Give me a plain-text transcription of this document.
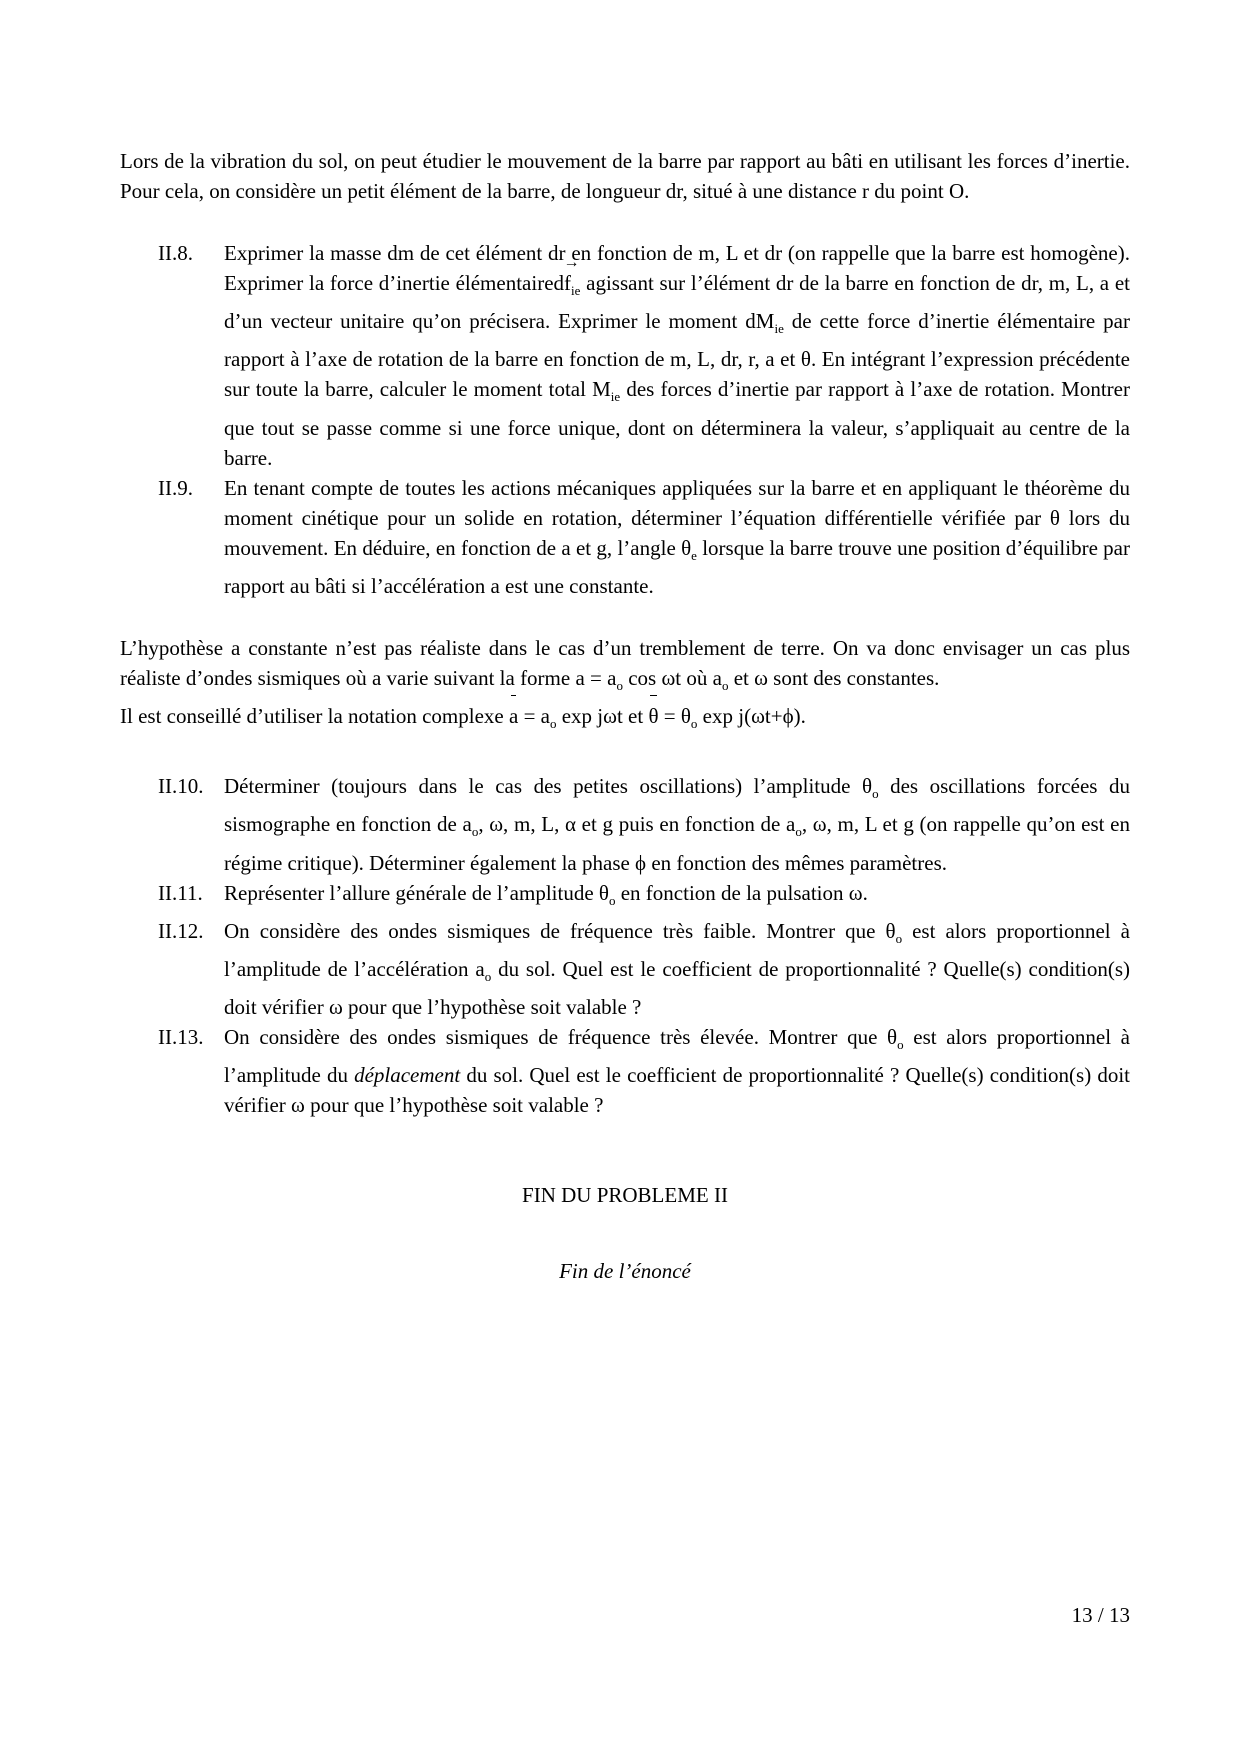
Lors de la vibration du sol, on peut étudier le mouvement de la barre par rapport au bâti en utilisant les forces d’inertie. Pour cela, on considère un petit élément de la barre, de longueur dr, situé à une distance r du point O.

II.8.	Exprimer la masse dm de cet élément dr en fonction de m, L et dr (on rappelle que la barre est homogène). Exprimer la force d’inertie élémentaire→ $df_{ie}$ agissant sur l’élément dr de la barre en fonction de dr, m, L, a et d’un vecteur unitaire qu’on précisera. Exprimer le moment $dM_{ie}$ de cette force d’inertie élémentaire par rapport à l’axe de rotation de la barre en fonction de m, L, dr, r, a et θ. En intégrant l’expression précédente sur toute la barre, calculer le moment total $M_{ie}$ des forces d’inertie par rapport à l’axe de rotation. Montrer que tout se passe comme si une force unique, dont on déterminera la valeur, s’appliquait au centre de la barre.
II.9.	En tenant compte de toutes les actions mécaniques appliquées sur la barre et en appliquant le théorème du moment cinétique pour un solide en rotation, déterminer l’équation différentielle vérifiée par θ lors du mouvement. En déduire, en fonction de a et g, l’angle $\theta_e$ lorsque la barre trouve une position d’équilibre par rapport au bâti si l’accélération a est une constante.

L’hypothèse a constante n’est pas réaliste dans le cas d’un tremblement de terre. On va donc envisager un cas plus réaliste d’ondes sismiques où a varie suivant la forme $a = a_o$ cos ωt où $a_o$ et ω sont des constantes.

Il est conseillé d’utiliser la notation complexe $a = a_o$ exp jωt et $\theta = \theta_o$ exp j(ωt+ϕ).

II.10. Déterminer (toujours dans le cas des petites oscillations) l’amplitude $\theta_o$ des oscillations forcées du sismographe en fonction de $a_o$, ω, m, L, α et g puis en fonction de $a_o$, ω, m, L et g (on rappelle qu’on est en régime critique). Déterminer également la phase ϕ en fonction des mêmes paramètres.
II.11.	Représenter l’allure générale de l’amplitude $\theta_o$ en fonction de la pulsation ω.
II.12. On considère des ondes sismiques de fréquence très faible. Montrer que $\theta_o$ est alors proportionnel à l’amplitude de l’accélération $a_o$ du sol. Quel est le coefficient de proportionnalité ? Quelle(s) condition(s) doit vérifier ω pour que l’hypothèse soit valable ?
II.13. On considère des ondes sismiques de fréquence très élevée. Montrer que $\theta_o$ est alors proportionnel à l’amplitude du déplacement du sol. Quel est le coefficient de proportionnalité ? Quelle(s) condition(s) doit vérifier ω pour que l’hypothèse soit valable ?
FIN DU PROBLEME II
Fin de l’énoncé
13 / 13
